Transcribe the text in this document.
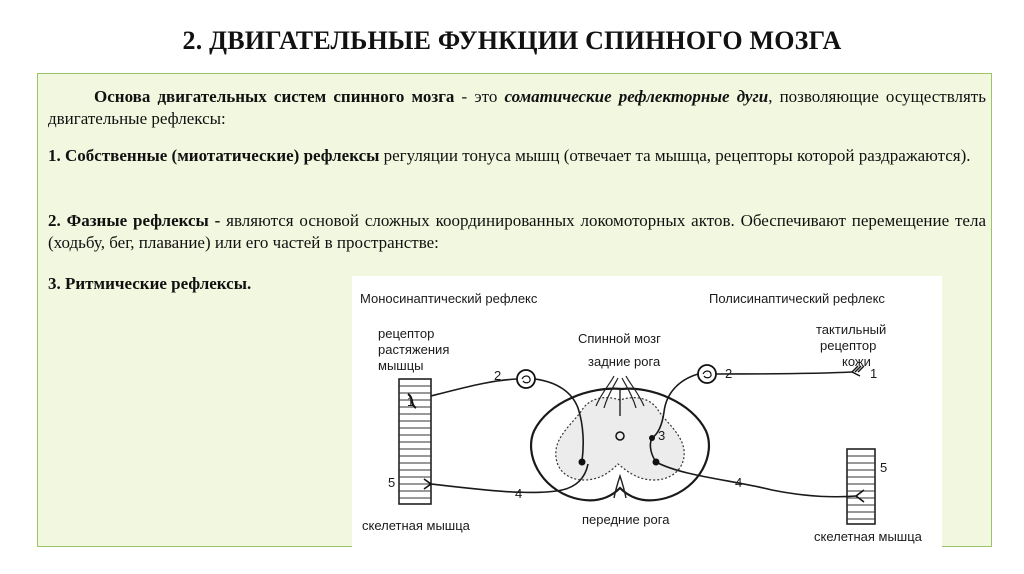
2. ДВИГАТЕЛЬНЫЕ ФУНКЦИИ СПИННОГО МОЗГА

Основа двигательных систем спинного мозга - это соматические рефлекторные дуги, позволяющие осуществлять двигательные рефлексы:

1. Собственные (миотатические) рефлексы регуляции тонуса мышц (отвечает та мышца, рецепторы которой раздражаются).

2. Фазные рефлексы - являются основой сложных координированных локомоторных актов. Обеспечивают перемещение тела (ходьбу, бег, плавание) или его частей в пространстве:

3. Ритмические рефлексы.

Моносинаптический рефлекс	Полисинаптический рефлекс
Спинной мозг
рецептор
растяжения
мышцы
тактильный
рецептор
кожи
задние рога
1
2
4
5
1
2
3
4
5
скелетная мышца	передние рога
скелетная мышца
